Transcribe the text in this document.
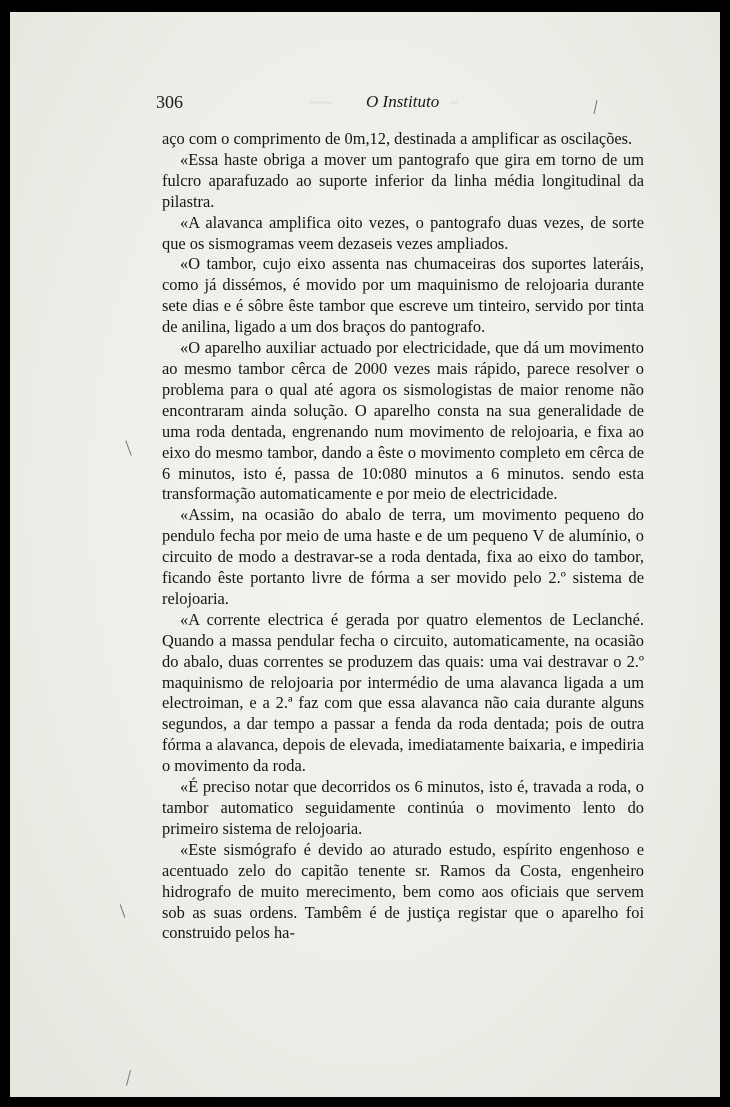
~~~	~
306	O Instituto

aço com o comprimento de 0m,12, destinada a amplificar as oscilações.

«Essa haste obriga a mover um pantografo que gira em torno de um fulcro aparafuzado ao suporte inferior da linha média longitudinal da pilastra.

«A alavanca amplifica oito vezes, o pantografo duas vezes, de sorte que os sismogramas veem dezaseis vezes ampliados.

«O tambor, cujo eixo assenta nas chumaceiras dos suportes lateráis, como já dissémos, é movido por um maquinismo de relojoaria durante sete dias e é sôbre êste tambor que escreve um tinteiro, servido por tinta de anilina, ligado a um dos braços do pantografo.

«O aparelho auxiliar actuado por electricidade, que dá um movimento ao mesmo tambor cêrca de 2000 vezes mais rápido, parece resolver o problema para o qual até agora os sismologistas de maior renome não encontraram ainda solução. O aparelho consta na sua generalidade de uma roda dentada, engrenando num movimento de relojoaria, e fixa ao eixo do mesmo tambor, dando a êste o movimento completo em cêrca de 6 minutos, isto é, passa de 10:080 minutos a 6 minutos. sendo esta transformação automaticamente e por meio de electricidade.

«Assim, na ocasião do abalo de terra, um movimento pequeno do pendulo fecha por meio de uma haste e de um pequeno V de alumínio, o circuito de modo a destravar-se a roda dentada, fixa ao eixo do tambor, ficando êste portanto livre de fórma a ser movido pelo 2.º sistema de relojoaria.

«A corrente electrica é gerada por quatro elementos de Leclanché. Quando a massa pendular fecha o circuito, automaticamente, na ocasião do abalo, duas correntes se produzem das quais: uma vai destravar o 2.º maquinismo de relojoaria por intermédio de uma alavanca ligada a um electroiman, e a 2.ª faz com que essa alavanca não caia durante alguns segundos, a dar tempo a passar a fenda da roda dentada; pois de outra fórma a alavanca, depois de elevada, imediatamente baixaria, e impediria o movimento da roda.

«É preciso notar que decorridos os 6 minutos, isto é, travada a roda, o tambor automatico seguidamente continúa o movimento lento do primeiro sistema de relojoaria.

«Este sismógrafo é devido ao aturado estudo, espírito engenhoso e acentuado zelo do capitão tenente sr. Ramos da Costa, engenheiro hidrografo de muito merecimento, bem como aos oficiais que servem sob as suas ordens. Tambêm é de justiça registar que o aparelho foi construido pelos ha-
